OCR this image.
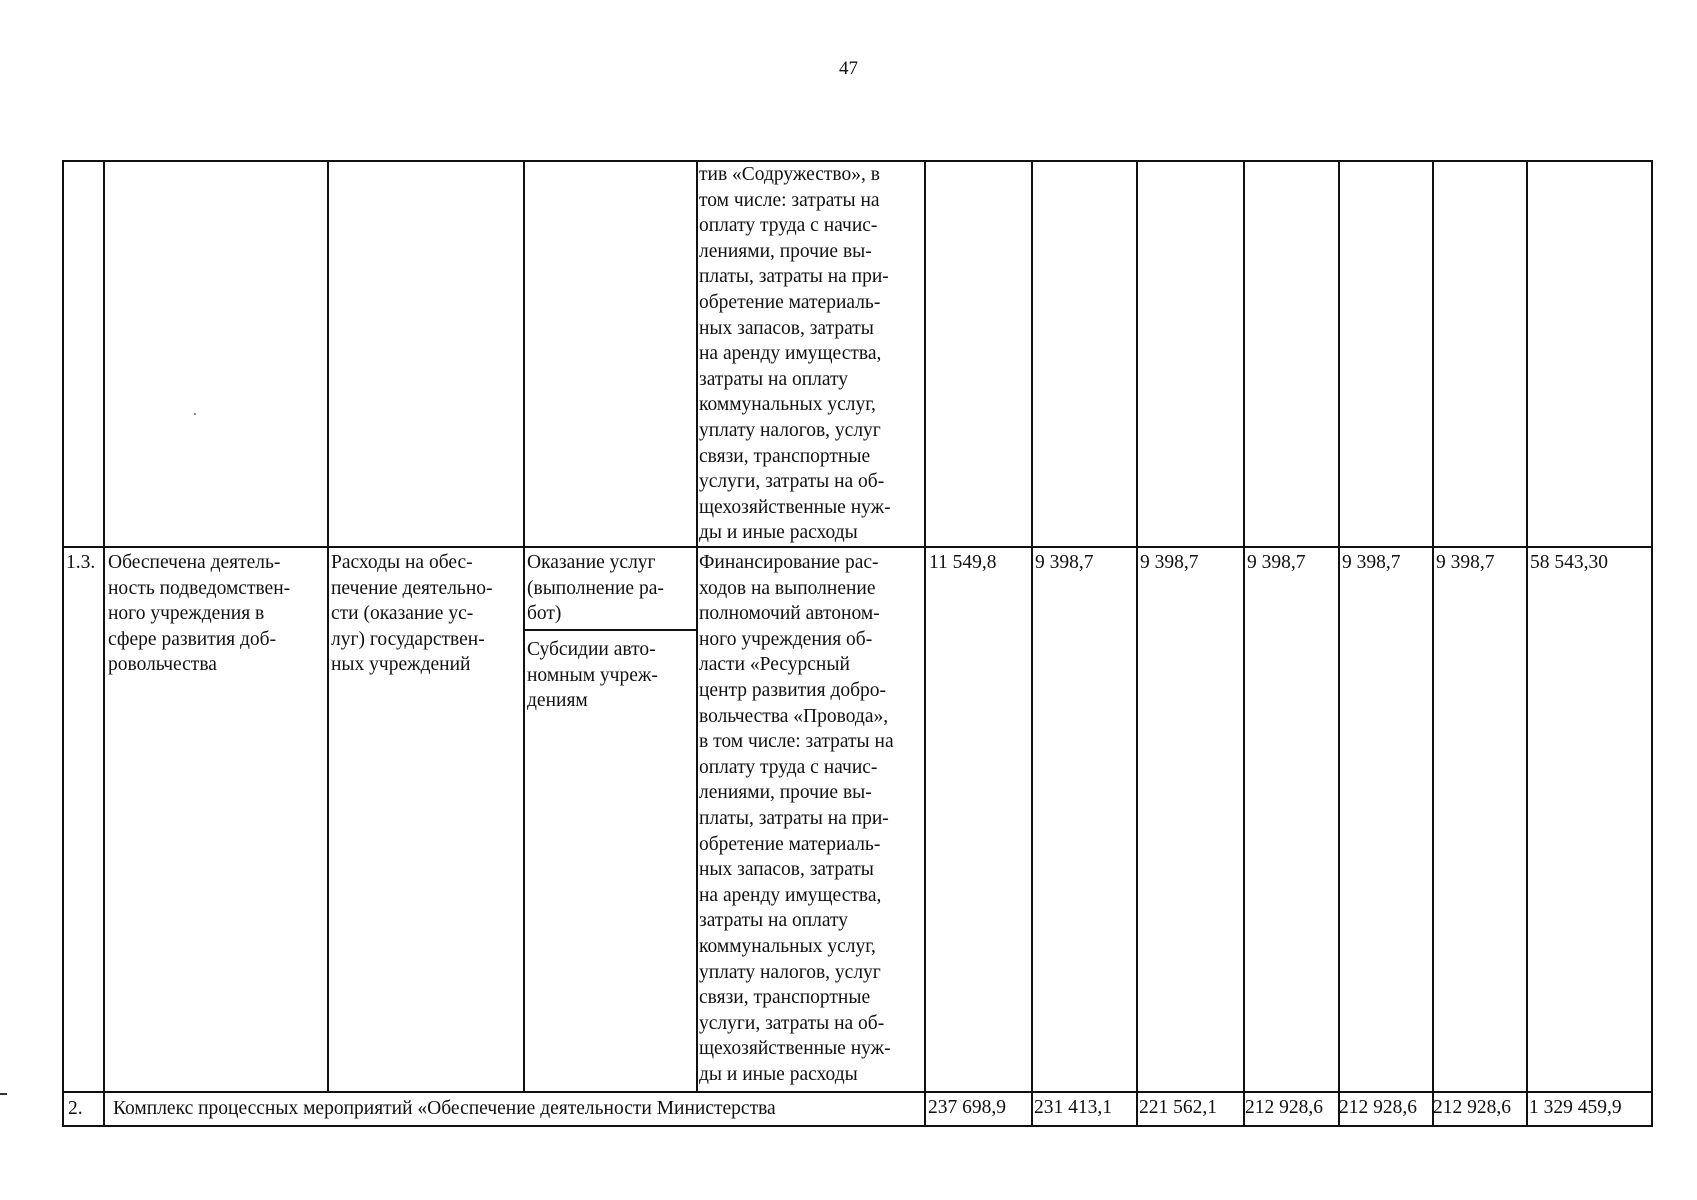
47
тив «Содружество», в
том числе: затраты на
оплату труда с начис-
лениями, прочие вы-
платы, затраты на при-
обретение материаль-
ных запасов, затраты
на аренду имущества,
затраты на оплату
коммунальных услуг,
уплату налогов, услуг
связи, транспортные
услуги, затраты на об-
щехозяйственные нуж-
ды и иные расходы
1.3. Обеспечена деятель-
ность подведомствен-
ного учреждения в
сфере развития доб-
ровольчества
Расходы на обес-
печение деятельно-
сти (оказание ус-
луг) государствен-
ных учреждений
Оказание услуг
(выполнение ра-
бот)
Субсидии авто-
номным учреж-
дениям
Финансирование рас-
ходов на выполнение
полномочий автоном-
ного учреждения об-
ласти «Ресурсный
центр развития добро-
вольчества «Провода»,
в том числе: затраты на
оплату труда с начис-
лениями, прочие вы-
платы, затраты на при-
обретение материаль-
ных запасов, затраты
на аренду имущества,
затраты на оплату
коммунальных услуг,
уплату налогов, услуг
связи, транспортные
услуги, затраты на об-
щехозяйственные нуж-
ды и иные расходы
11 549,8 9 398,7 9 398,7 9 398,7 9 398,7 9 398,7 58 543,30
2. Комплекс процессных мероприятий «Обеспечение деятельности Министерства	237 698,9 231 413,1 221 562,1 212 928,6 212 928,6 212 928,6 1 329 459,9
